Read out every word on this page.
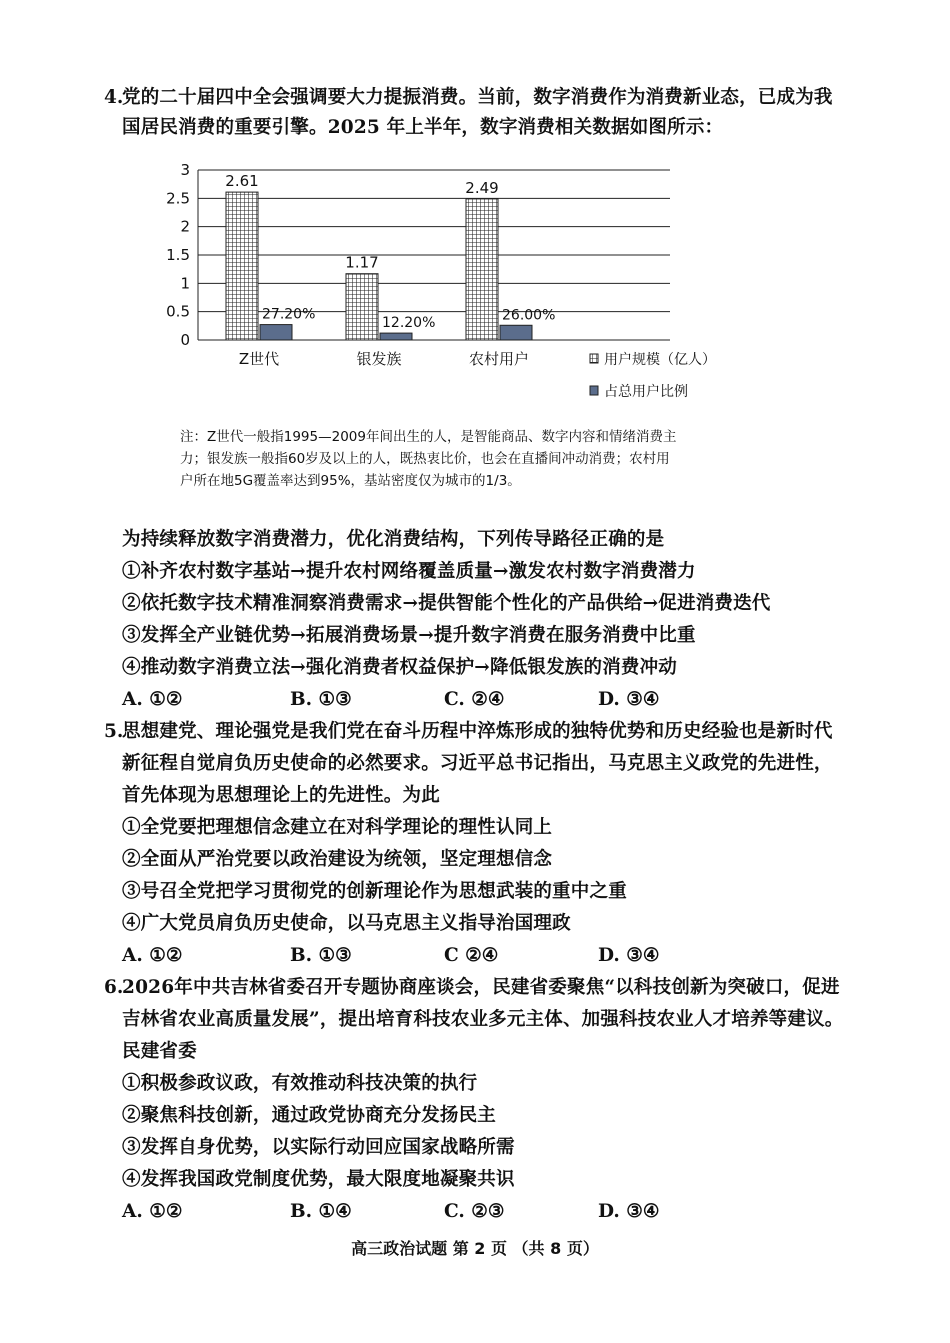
4.
党的二十届四中全会强调要大力提振消费。当前，数字消费作为消费新业态，已成为我
国居民消费的重要引擎。2025 年上半年，数字消费相关数据如图所示：
0
0.5
1
1.5
2
2.5
3
2.61
27.20%
1.17
12.20%
2.49
26.00%
Z世代	银发族	农村用户	用户规模（亿人）
占总用户比例
注：Z世代一般指1995—2009年间出生的人，是智能商品、数字内容和情绪消费主
力；银发族一般指60岁及以上的人，既热衷比价，也会在直播间冲动消费；农村用
户所在地5G覆盖率达到95%，基站密度仅为城市的1/3。
为持续释放数字消费潜力，优化消费结构，下列传导路径正确的是
①补齐农村数字基站→提升农村网络覆盖质量→激发农村数字消费潜力
②依托数字技术精准洞察消费需求→提供智能个性化的产品供给→促进消费迭代
③发挥全产业链优势→拓展消费场景→提升数字消费在服务消费中比重
④推动数字消费立法→强化消费者权益保护→降低银发族的消费冲动
A. ①②	B. ①③	C. ②④	D. ③④
5.
思想建党、理论强党是我们党在奋斗历程中淬炼形成的独特优势和历史经验也是新时代
新征程自觉肩负历史使命的必然要求。习近平总书记指出，马克思主义政党的先进性，
首先体现为思想理论上的先进性。为此
①全党要把理想信念建立在对科学理论的理性认同上
②全面从严治党要以政治建设为统领，坚定理想信念
③号召全党把学习贯彻党的创新理论作为思想武装的重中之重
④广大党员肩负历史使命，以马克思主义指导治国理政
A. ①②	B. ①③	C ②④	D. ③④
6.
2026年中共吉林省委召开专题协商座谈会，民建省委聚焦“以科技创新为突破口，促进
吉林省农业高质量发展”，提出培育科技农业多元主体、加强科技农业人才培养等建议。
民建省委
①积极参政议政，有效推动科技决策的执行
②聚焦科技创新，通过政党协商充分发扬民主
③发挥自身优势，以实际行动回应国家战略所需
④发挥我国政党制度优势，最大限度地凝聚共识
A. ①②	B. ①④	C. ②③	D. ③④
高三政治试题 第 2 页 （共 8 页）
